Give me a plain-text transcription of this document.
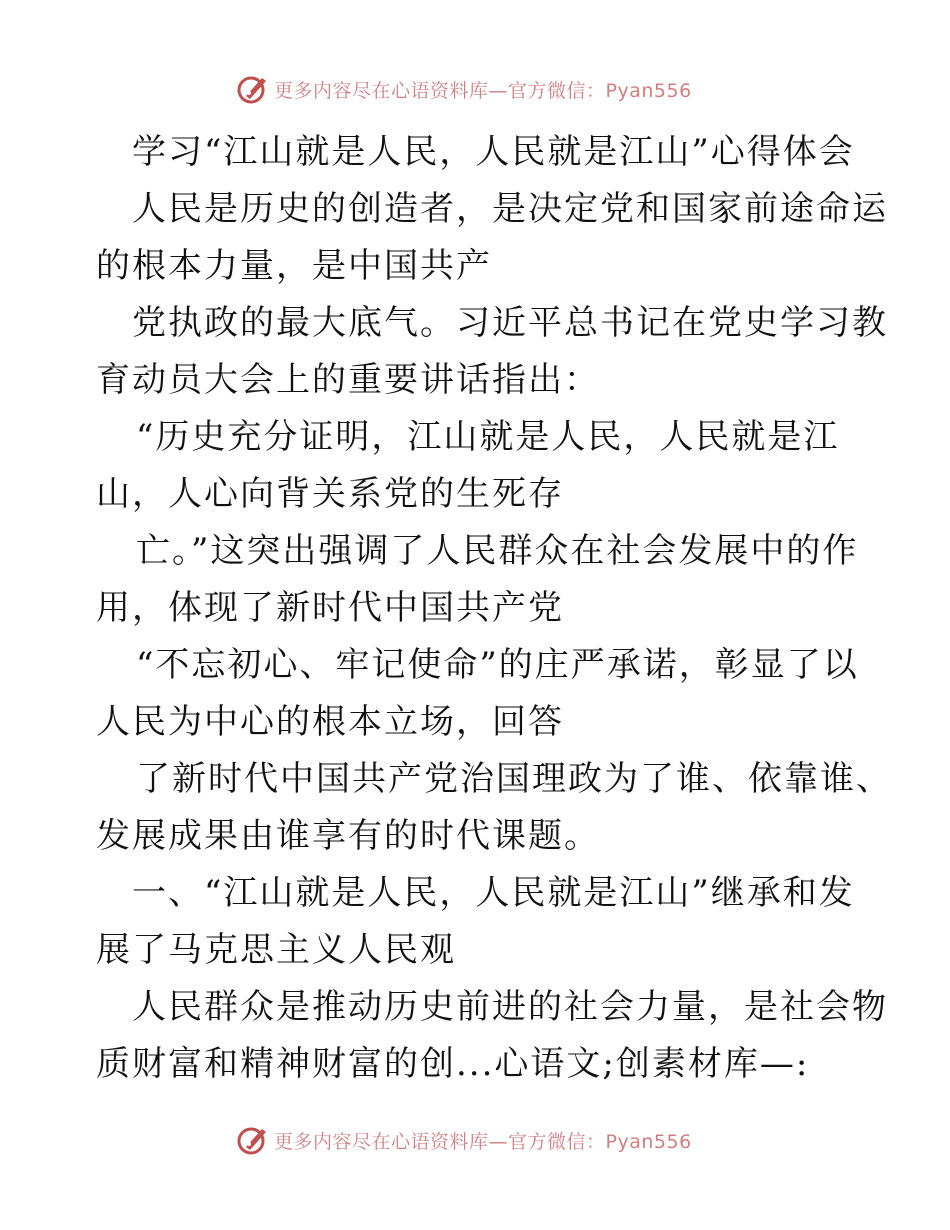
更多内容尽在心语资料库—官方微信：Pyan556
学习“江山就是人民，人民就是江山”心得体会
人民是历史的创造者，是决定党和国家前途命运
的根本力量，是中国共产
党执政的最大底气。习近平总书记在党史学习教
育动员大会上的重要讲话指出：
“历史充分证明，江山就是人民，人民就是江
山，人心向背关系党的生死存
亡。”这突出强调了人民群众在社会发展中的作
用，体现了新时代中国共产党
“不忘初心、牢记使命”的庄严承诺，彰显了以
人民为中心的根本立场，回答
了新时代中国共产党治国理政为了谁、依靠谁、
发展成果由谁享有的时代课题。
一、“江山就是人民，人民就是江山”继承和发
展了马克思主义人民观
人民群众是推动历史前进的社会力量，是社会物
质财富和精神财富的创...心语文;创素材库—:
更多内容尽在心语资料库—官方微信：Pyan556
